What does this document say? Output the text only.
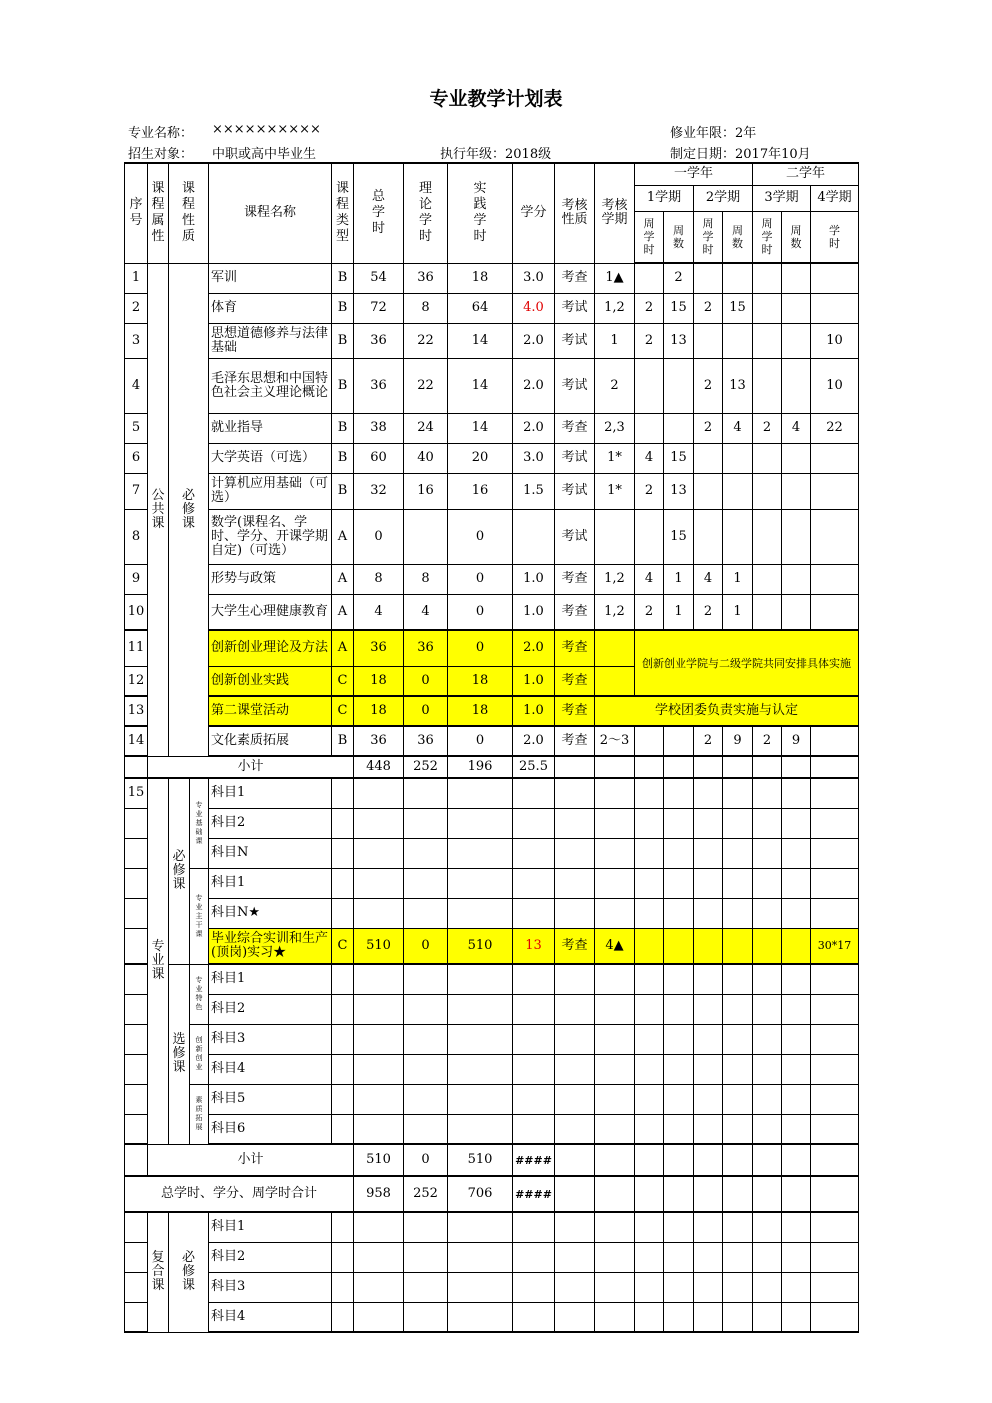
专业教学计划表
专业名称： ××××××××××	修业年限：2年
招生对象： 中职或高中毕业生	执行年级：2018级	制定日期：2017年10月
序号	课程属性	课程性质		课程名称	课程类型	总学时	理论学时	实践学时	学分	考核性质	考核学期	一学年				二学年		
												1学期		2学期		3学期		4学期
												周学时	周数	周学时	周数	周学时	周数	学时

1	公共课	必修课		军训	B	54	36	18	3.0	考查	1▲		2					
2				体育	B	72	8	64	4.0	考试	1,2	2	15	2	15			
3				思想道德修养与法律基础	B	36	22	14	2.0	考试	1	2	13					10
4				毛泽东思想和中国特色社会主义理论概论	B	36	22	14	2.0	考试	2			2	13			10
5				就业指导	B	38	24	14	2.0	考查	2,3			2	4	2	4	22
6				大学英语（可选）	B	60	40	20	3.0	考试	1*	4	15					
7				计算机应用基础（可选）	B	32	16	16	1.5	考试	1*	2	13					
8				数学(课程名、学时、学分、开课学期自定)（可选）	A	0		0		考试			15					
9				形势与政策	A	8	8	0	1.0	考查	1,2	4	1	4	1			
10				大学生心理健康教育	A	4	4	0	1.0	考查	1,2	2	1	2	1			
11				创新创业理论及方法	A	36	36	0	2.0	考查		创新创业学院与二级学院共同安排具体实施						
12				创新创业实践	C	18	0	18	1.0	考查								
13				第二课堂活动	C	18	0	18	1.0	考查	学校团委负责实施与认定							
14				文化素质拓展	B	36	36	0	2.0	考查	2～3			2	9	2	9	
	小计					448	252	196	25.5									
15	专业课	必修课	专业基础课	科目1														
				科目2														
				科目N														
			专业主干课	科目1														
				科目N★														
				毕业综合实训和生产(顶岗)实习★	C	510	0	510	13	考查	4▲							30*17
		选修课	专业特色	科目1														
				科目2														
			创新创业	科目3														
				科目4														
			素质拓展	科目5														
				科目6														
	小计					510	0	510	####									
总学时、学分、周学时合计						958	252	706	####									
	复合课	必修课		科目1														
				科目2														
				科目3														
				科目4														
